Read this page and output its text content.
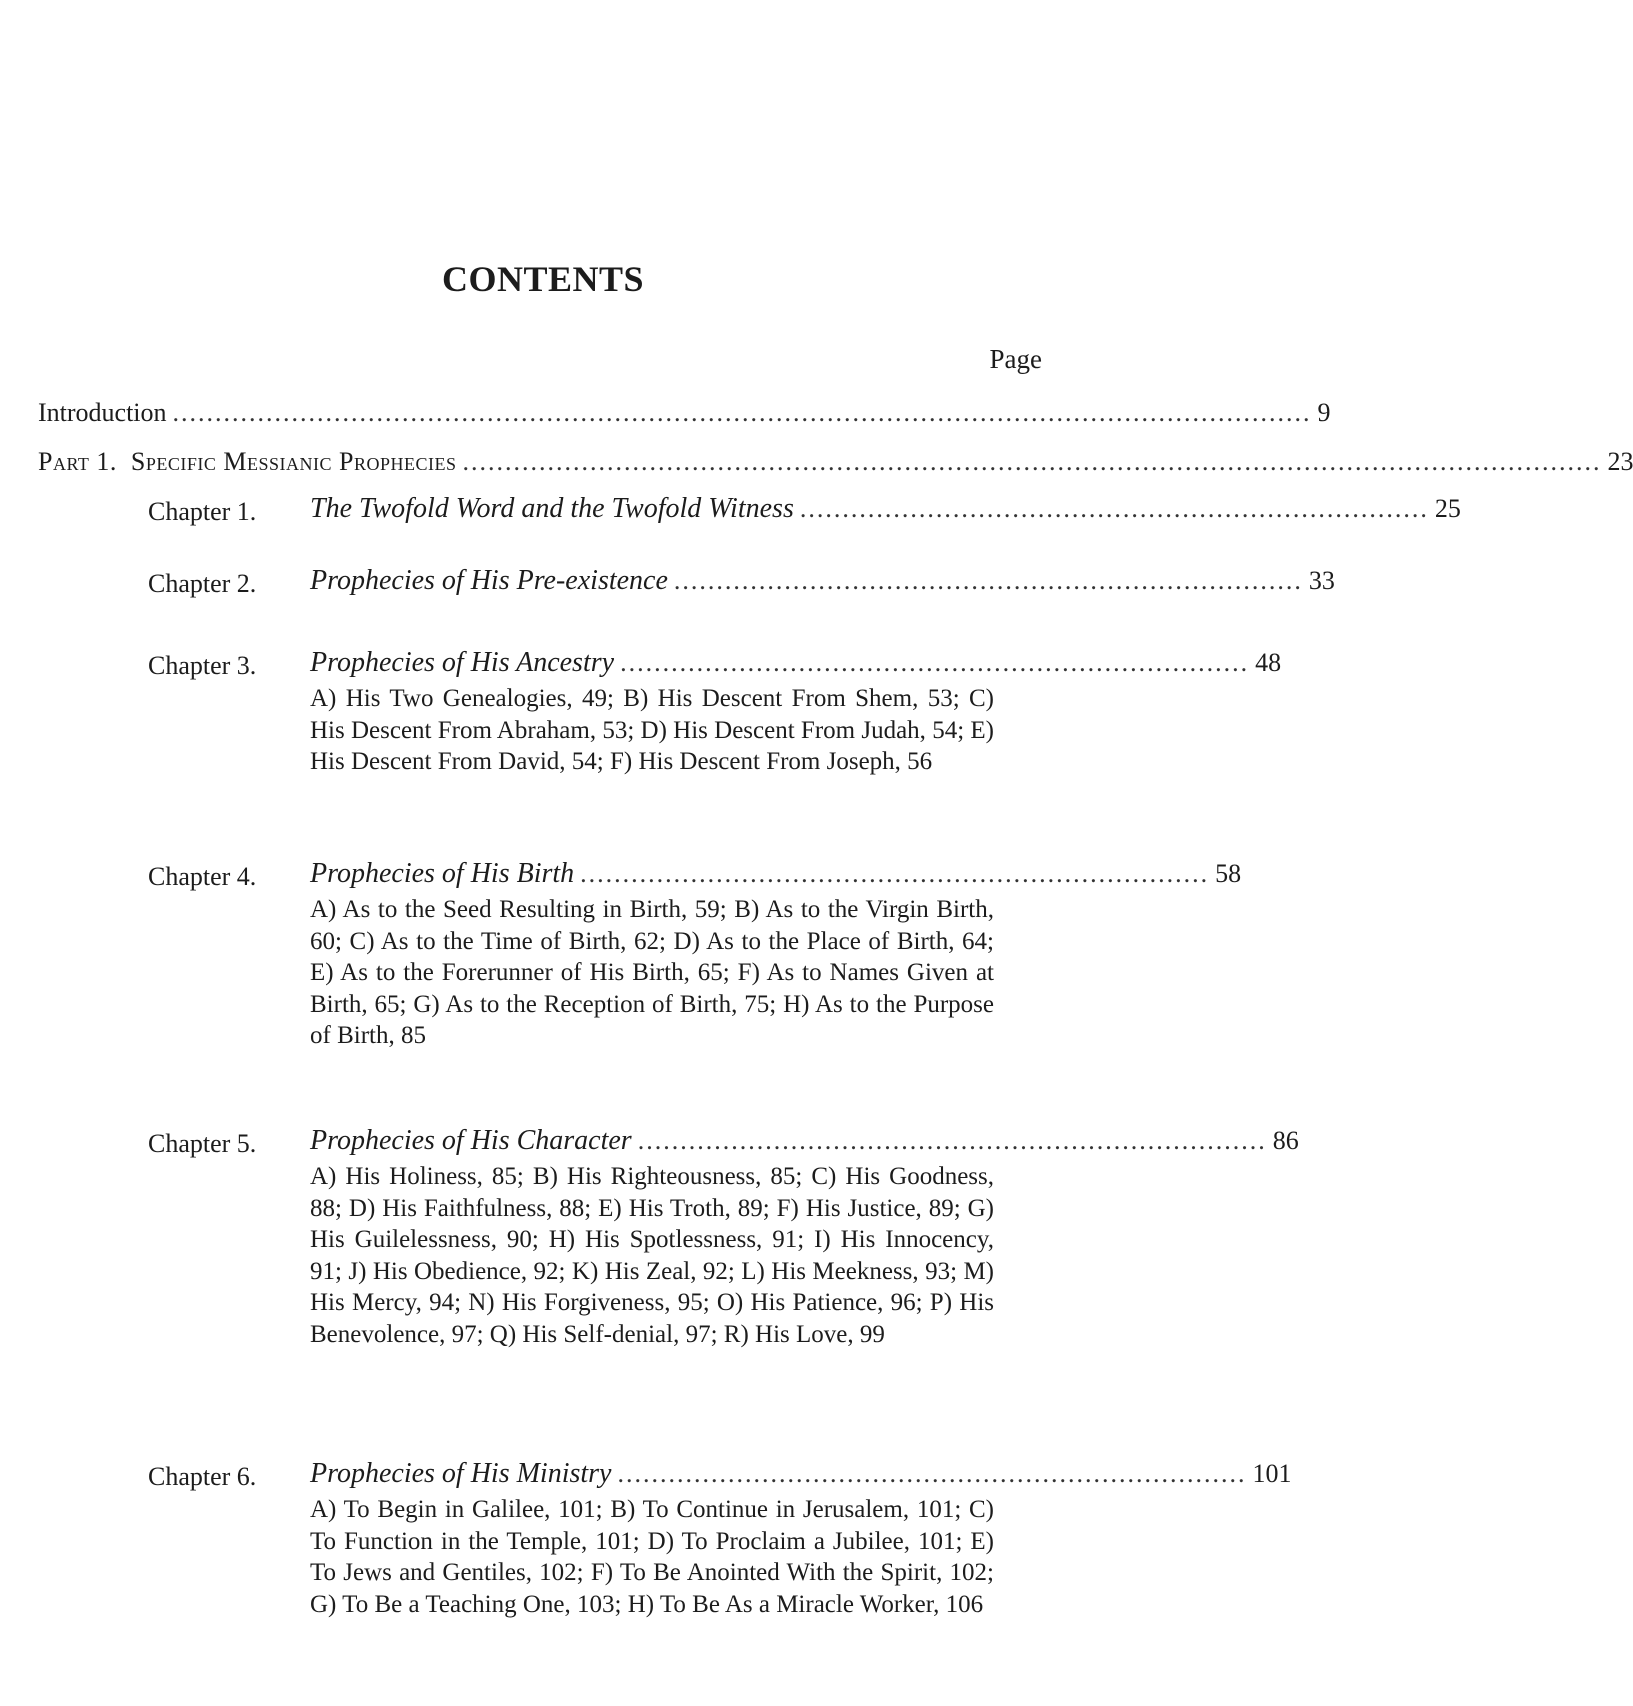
CONTENTS
Page
Introduction ...................................................................................................................................... 9
Part 1. Specific Messianic Prophecies ...................................................................................................................................... 23
Chapter 1. The Twofold Word and the Twofold Witness .......................................................................... 25
Chapter 2. Prophecies of His Pre-existence .......................................................................... 33
Chapter 3. Prophecies of His Ancestry .......................................................................... 48
A) His Two Genealogies, 49; B) His Descent From Shem, 53; C) His Descent From Abraham, 53; D) His Descent From Judah, 54; E) His Descent From David, 54; F) His Descent From Joseph, 56
Chapter 4. Prophecies of His Birth .......................................................................... 58
A) As to the Seed Resulting in Birth, 59; B) As to the Virgin Birth, 60; C) As to the Time of Birth, 62; D) As to the Place of Birth, 64; E) As to the Forerunner of His Birth, 65; F) As to Names Given at Birth, 65; G) As to the Reception of Birth, 75; H) As to the Purpose of Birth, 85
Chapter 5. Prophecies of His Character .......................................................................... 86
A) His Holiness, 85; B) His Righteousness, 85; C) His Goodness, 88; D) His Faithfulness, 88; E) His Troth, 89; F) His Justice, 89; G) His Guilelessness, 90; H) His Spotlessness, 91; I) His Innocency, 91; J) His Obedience, 92; K) His Zeal, 92; L) His Meekness, 93; M) His Mercy, 94; N) His Forgiveness, 95; O) His Patience, 96; P) His Benevolence, 97; Q) His Self-denial, 97; R) His Love, 99
Chapter 6. Prophecies of His Ministry .......................................................................... 101
A) To Begin in Galilee, 101; B) To Continue in Jerusalem, 101; C) To Function in the Temple, 101; D) To Proclaim a Jubilee, 101; E) To Jews and Gentiles, 102; F) To Be Anointed With the Spirit, 102; G) To Be a Teaching One, 103; H) To Be As a Miracle Worker, 106
